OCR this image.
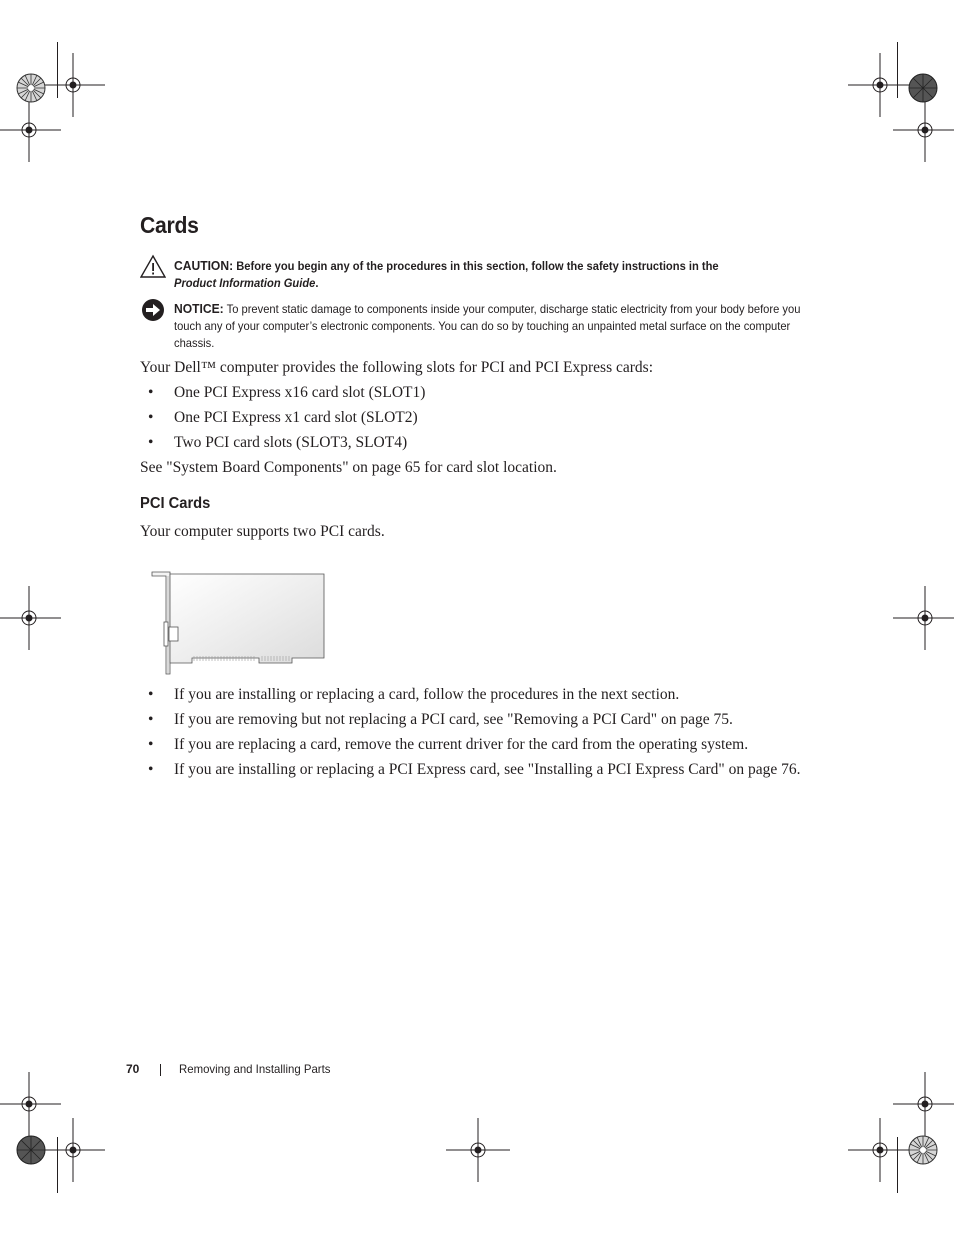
Cards
CAUTION: Before you begin any of the procedures in this section, follow the safety instructions in the
Product Information Guide.
NOTICE: To prevent static damage to components inside your computer, discharge static electricity from your body before you touch any of your computer’s electronic components. You can do so by touching an unpainted metal surface on the computer chassis.

Your Dell™ computer provides the following slots for PCI and PCI Express cards:

• One PCI Express x16 card slot (SLOT1)
• One PCI Express x1 card slot (SLOT2)
• Two PCI card slots (SLOT3, SLOT4)

See "System Board Components" on page 65 for card slot location.

PCI Cards

Your computer supports two PCI cards.

• If you are installing or replacing a card, follow the procedures in the next section.
• If you are removing but not replacing a PCI card, see "Removing a PCI Card" on page 75.
• If you are replacing a card, remove the current driver for the card from the operating system.
• If you are installing or replacing a PCI Express card, see "Installing a PCI Express Card" on page 76.
70	Removing and Installing Parts
